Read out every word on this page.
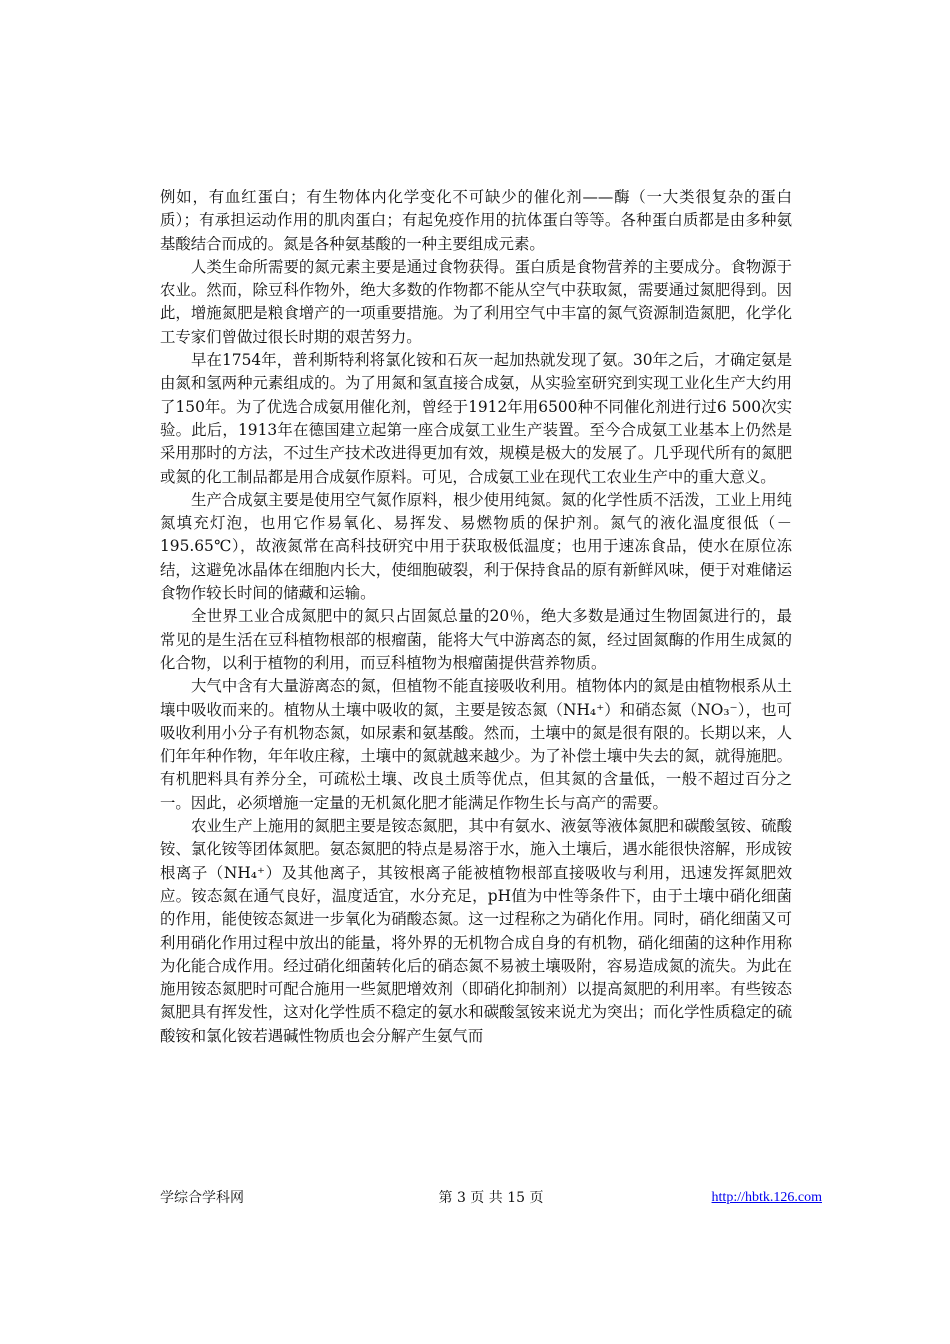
例如，有血红蛋白；有生物体内化学变化不可缺少的催化剂——酶（一大类很复杂的蛋白质）；有承担运动作用的肌肉蛋白；有起免疫作用的抗体蛋白等等。各种蛋白质都是由多种氨基酸结合而成的。氮是各种氨基酸的一种主要组成元素。

人类生命所需要的氮元素主要是通过食物获得。蛋白质是食物营养的主要成分。食物源于农业。然而，除豆科作物外，绝大多数的作物都不能从空气中获取氮，需要通过氮肥得到。因此，增施氮肥是粮食增产的一项重要措施。为了利用空气中丰富的氮气资源制造氮肥，化学化工专家们曾做过很长时期的艰苦努力。

早在1754年，普利斯特利将氯化铵和石灰一起加热就发现了氨。30年之后，才确定氨是由氮和氢两种元素组成的。为了用氮和氢直接合成氨，从实验室研究到实现工业化生产大约用了150年。为了优选合成氨用催化剂，曾经于1912年用6500种不同催化剂进行过6 500次实验。此后，1913年在德国建立起第一座合成氨工业生产装置。至今合成氨工业基本上仍然是采用那时的方法，不过生产技术改进得更加有效，规模是极大的发展了。几乎现代所有的氮肥或氮的化工制品都是用合成氨作原料。可见，合成氨工业在现代工农业生产中的重大意义。

生产合成氨主要是使用空气氮作原料，根少使用纯氮。氮的化学性质不活泼，工业上用纯氮填充灯泡，也用它作易氧化、易挥发、易燃物质的保护剂。氮气的液化温度很低（－195.65℃），故液氮常在高科技研究中用于获取极低温度；也用于速冻食品，使水在原位冻结，这避免冰晶体在细胞内长大，使细胞破裂，利于保持食品的原有新鲜风味，便于对难储运食物作较长时间的储藏和运输。

全世界工业合成氮肥中的氮只占固氮总量的20％，绝大多数是通过生物固氮进行的，最常见的是生活在豆科植物根部的根瘤菌，能将大气中游离态的氮，经过固氮酶的作用生成氮的化合物，以利于植物的利用，而豆科植物为根瘤菌提供营养物质。

大气中含有大量游离态的氮，但植物不能直接吸收利用。植物体内的氮是由植物根系从土壤中吸收而来的。植物从土壤中吸收的氮，主要是铵态氮（NH₄⁺）和硝态氮（NO₃⁻），也可吸收利用小分子有机物态氮，如尿素和氨基酸。然而，土壤中的氮是很有限的。长期以来，人们年年种作物，年年收庄稼，土壤中的氮就越来越少。为了补偿土壤中失去的氮，就得施肥。有机肥料具有养分全，可疏松土壤、改良土质等优点，但其氮的含量低，一般不超过百分之一。因此，必须增施一定量的无机氮化肥才能满足作物生长与高产的需要。

农业生产上施用的氮肥主要是铵态氮肥，其中有氨水、液氨等液体氮肥和碳酸氢铵、硫酸铵、氯化铵等团体氮肥。氨态氮肥的特点是易溶于水，施入土壤后，遇水能很快溶解，形成铵根离子（NH₄⁺）及其他离子，其铵根离子能被植物根部直接吸收与利用，迅速发挥氮肥效应。铵态氮在通气良好，温度适宜，水分充足，pH值为中性等条件下，由于土壤中硝化细菌的作用，能使铵态氮进一步氧化为硝酸态氮。这一过程称之为硝化作用。同时，硝化细菌又可利用硝化作用过程中放出的能量，将外界的无机物合成自身的有机物，硝化细菌的这种作用称为化能合成作用。经过硝化细菌转化后的硝态氮不易被土壤吸附，容易造成氮的流失。为此在施用铵态氮肥时可配合施用一些氮肥增效剂（即硝化抑制剂）以提高氮肥的利用率。有些铵态氮肥具有挥发性，这对化学性质不稳定的氨水和碳酸氢铵来说尤为突出；而化学性质稳定的硫酸铵和氯化铵若遇碱性物质也会分解产生氨气而

学综合学科网	第 3 页 共 15 页	http://hbtk.126.com
